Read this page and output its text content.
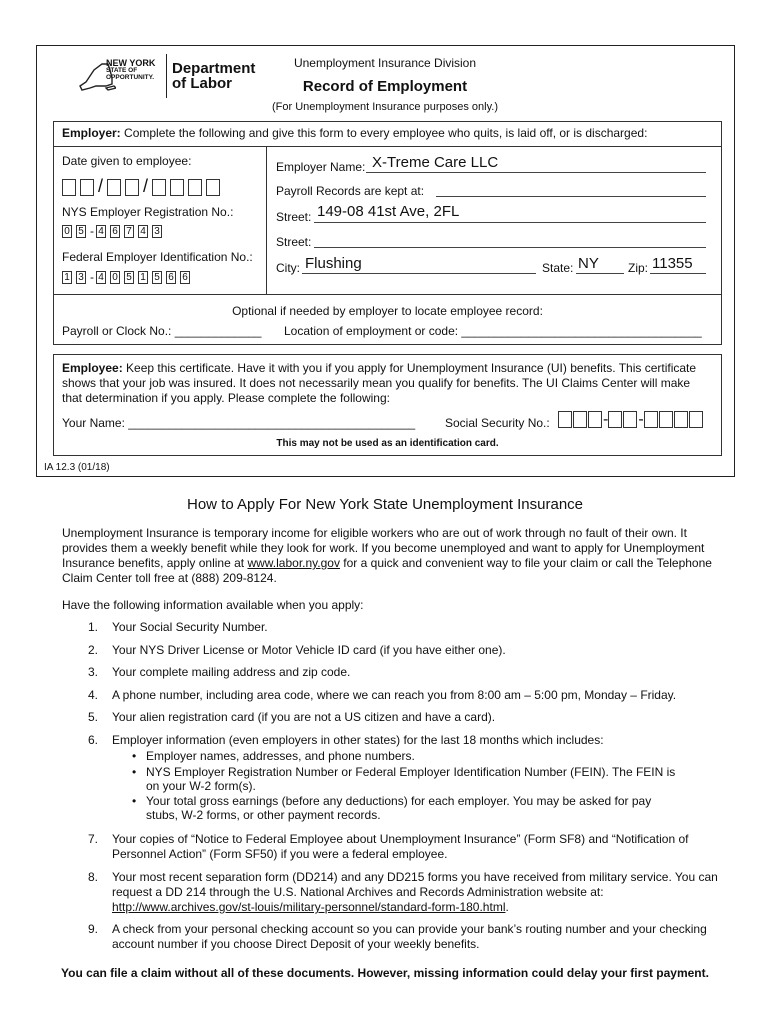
NEW YORK
STATE OF
OPPORTUNITY.
Department
of Labor
Unemployment Insurance Division
Record of Employment
(For Unemployment Insurance purposes only.)
Employer: Complete the following and give this form to every employee who quits, is laid off, or is discharged:
Date given to employee:
/ /
NYS Employer Registration No.:
0 5 - 4 6 7 4 3
Federal Employer Identification No.:
1 3 - 4 0 5 1 5 6 6
Employer Name: X-Treme Care LLC
Payroll Records are kept at:
Street: 149-08 41st Ave, 2FL
Street:
City: Flushing	State: NY Zip: 11355
Optional if needed by employer to locate employee record:
Payroll or Clock No.: _____________ Location of employment or code: ____________________________________
Employee: Keep this certificate. Have it with you if you apply for Unemployment Insurance (UI) benefits. This certificate shows that your job was insured. It does not necessarily mean you qualify for benefits. The UI Claims Center will make that determination if you apply. Please complete the following:
Your Name: ___________________________________________ Social Security No.:	- -
This may not be used as an identification card.
IA 12.3 (01/18)
How to Apply For New York State Unemployment Insurance
Unemployment Insurance is temporary income for eligible workers who are out of work through no fault of their own. It provides them a weekly benefit while they look for work. If you become unemployed and want to apply for Unemployment Insurance benefits, apply online at www.labor.ny.gov for a quick and convenient way to file your claim or call the Telephone Claim Center toll free at (888) 209-8124.
Have the following information available when you apply:
1. Your Social Security Number.
2. Your NYS Driver License or Motor Vehicle ID card (if you have either one).
3. Your complete mailing address and zip code.
4. A phone number, including area code, where we can reach you from 8:00 am – 5:00 pm, Monday – Friday.
5. Your alien registration card (if you are not a US citizen and have a card).
6. Employer information (even employers in other states) for the last 18 months which includes:
• Employer names, addresses, and phone numbers.
• NYS Employer Registration Number or Federal Employer Identification Number (FEIN). The FEIN is on your W-2 form(s).
• Your total gross earnings (before any deductions) for each employer. You may be asked for pay stubs, W-2 forms, or other payment records.
7. Your copies of “Notice to Federal Employee about Unemployment Insurance” (Form SF8) and “Notification of Personnel Action” (Form SF50) if you were a federal employee.
8. Your most recent separation form (DD214) and any DD215 forms you have received from military service. You can request a DD 214 through the U.S. National Archives and Records Administration website at:
http://www.archives.gov/st-louis/military-personnel/standard-form-180.html.
9. A check from your personal checking account so you can provide your bank’s routing number and your checking account number if you choose Direct Deposit of your weekly benefits.
You can file a claim without all of these documents. However, missing information could delay your first payment.
